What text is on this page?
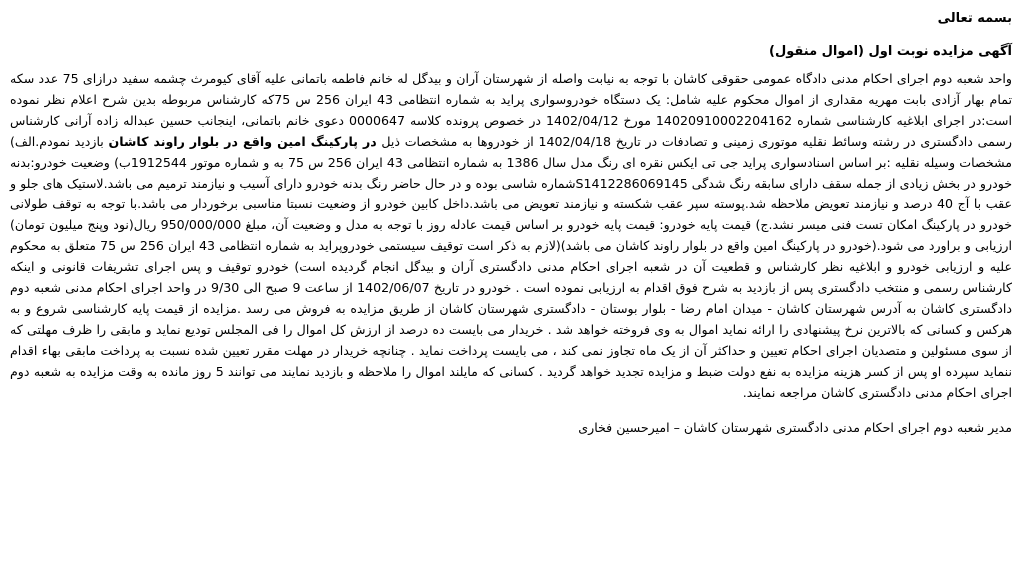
بسمه تعالی
آگهی مزایده نوبت اول (اموال منقول)

واحد شعبه دوم اجرای احکام مدنی دادگاه عمومی حقوقی کاشان با توجه به نیابت واصله از شهرستان آران و بیدگل له خانم فاطمه باتمانی علیه آقای کیومرث چشمه سفید درازای 75 عدد سکه تمام بهار آزادی بابت مهریه مقداری از اموال محکوم علیه شامل: یک دستگاه خودروسواری پراید به شماره انتظامی 43 ایران 256 س 75که کارشناس مربوطه بدین شرح اعلام نظر نموده است:در اجرای ابلاغیه کارشناسی شماره 14020910002204162 مورخ 1402/04/12 در خصوص پرونده کلاسه 0000647 دعوی خانم باتمانی، اینجانب حسین عبداله زاده آرانی کارشناس رسمی دادگستری در رشته وسائط نقلیه موتوری زمینی و تصادفات در تاریخ 1402/04/18 از خودروها به مشخصات ذیل در پارکینگ امین واقع در بلوار راوند کاشان بازدید نمودم.الف) مشخصات وسیله نقلیه :بر اساس اسنادسواری پراید جی تی ایکس نقره ای رنگ مدل سال 1386 به شماره انتظامی 43 ایران 256 س 75 به و شماره موتور 1912544ب) وضعیت خودرو:بدنه خودرو در بخش زیادی از جمله سقف دارای سابقه رنگ شدگی S1412286069145شماره شاسی بوده و در حال حاضر رنگ بدنه خودرو دارای آسیب و نیازمند ترمیم می باشد.لاستیک های جلو و عقب با آج 40 درصد و نیازمند تعویض ملاحظه شد.پوسته سپر عقب شکسته و نیازمند تعویض می باشد.داخل کابین خودرو از وضعیت نسبتا مناسبی برخوردار می باشد.با توجه به توقف طولانی خودرو در پارکینگ امکان تست فنی میسر نشد.ج) قیمت پایه خودرو: قیمت پایه خودرو بر اساس قیمت عادله روز با توجه به مدل و وضعیت آن، مبلغ 950/000/000 ریال(نود وپنج میلیون تومان) ارزیابی و براورد می شود.(خودرو در پارکینگ امین واقع در بلوار راوند کاشان می باشد)(لازم به ذکر است توقیف سیستمی خودروپراید به شماره انتظامی 43 ایران 256 س 75 متعلق به محکوم علیه و ارزیابی خودرو و ابلاغیه نظر کارشناس و قطعیت آن در شعبه اجرای احکام مدنی دادگستری آران و بیدگل انجام گردیده است) خودرو توقیف و پس اجرای تشریفات قانونی و اینکه کارشناس رسمی و منتخب دادگستری پس از بازدید به شرح فوق اقدام به ارزیابی نموده است . خودرو در تاریخ 1402/06/07 از ساعت 9 صبح الی 9/30 در واحد اجرای احکام مدنی شعبه دوم دادگستری کاشان به آدرس شهرستان کاشان - میدان امام رضا - بلوار بوستان - دادگستری شهرستان کاشان از طریق مزایده به فروش می رسد .مزایده از قیمت پایه کارشناسی شروع و به هرکس و کسانی که بالاترین نرخ پیشنهادی را ارائه نماید اموال به وی فروخته خواهد شد . خریدار می بایست ده درصد از ارزش کل اموال را فی المجلس تودیع نماید و مابقی را ظرف مهلتی که از سوی مسئولین و متصدیان اجرای احکام تعیین و حداکثر آن از یک ماه تجاوز نمی کند ، می بایست پرداخت نماید . چنانچه خریدار در مهلت مقرر تعیین شده نسبت به پرداخت مابقی بهاء اقدام ننماید سپرده او پس از کسر هزینه مزایده به نفع دولت ضبط و مزایده تجدید خواهد گردید . کسانی که مایلند اموال را ملاحظه و بازدید نمایند می توانند 5 روز مانده به وقت مزایده به شعبه دوم اجرای احکام مدنی دادگستری کاشان مراجعه نمایند.

مدیر شعبه دوم اجرای احکام مدنی دادگستری شهرستان کاشان – امیرحسین فخاری
